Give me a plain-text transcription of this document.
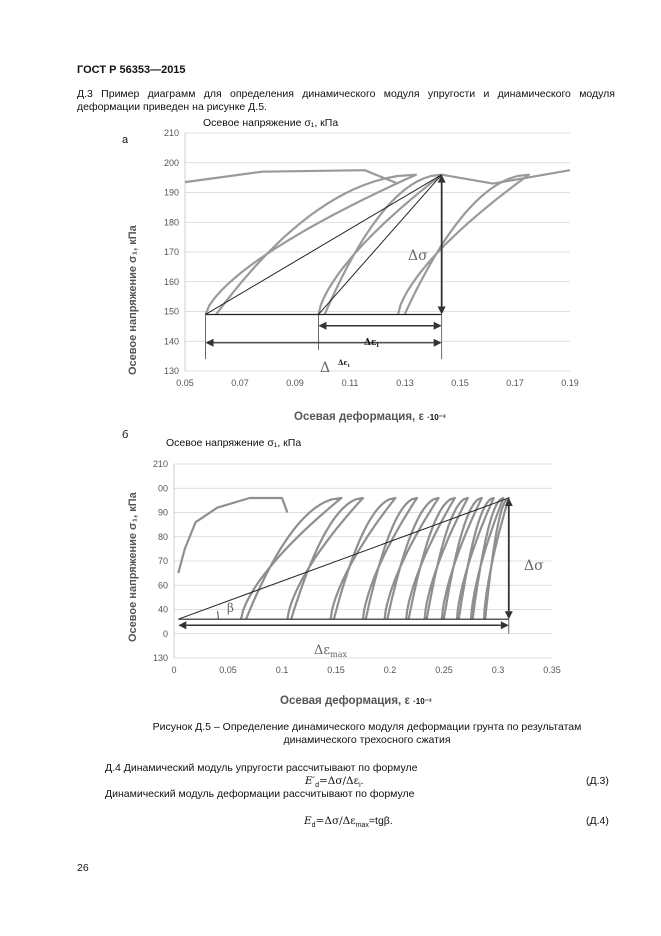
ГОСТ Р 56353—2015
Д.3 Пример диаграмм для определения динамического модуля упругости и динамического модуля деформации приведен на рисунке Д.5.
а
Осевое напряжение σ₁, кПа
Осевое напряжение σ₁, кПа	130
140
150
160
170
180
190
200
210
0.05	0.07	0.09	0.11	0.13	0.15	0.17	0.19
Δσ
$\Delta\varepsilon_i$
Δ $\Delta\varepsilon_i$
Осевая деформация, ε ·10⁻³
б
Осевое напряжение σ₁, кПа
Осевое напряжение σ₁, кПа
130
0
40
60
70
80
90
00
210
0	0.05	0.1	0.15	0.2	0.25	0.3	0.35
Δσ
$\Delta\varepsilon_{max}$
β
Осевая деформация, ε ·10⁻³
Рисунок Д.5 – Определение динамического модуля деформации грунта по результатам
динамического трехосного сжатия
Д.4 Динамический модуль упругости рассчитывают по формуле
$E'_d=\Delta\sigma/\Delta\varepsilon_i$.	(Д.3)
Динамический модуль деформации рассчитывают по формуле
$E_d=\Delta\sigma/\Delta\varepsilon_{max}=tg\beta$.	(Д.4)
26
